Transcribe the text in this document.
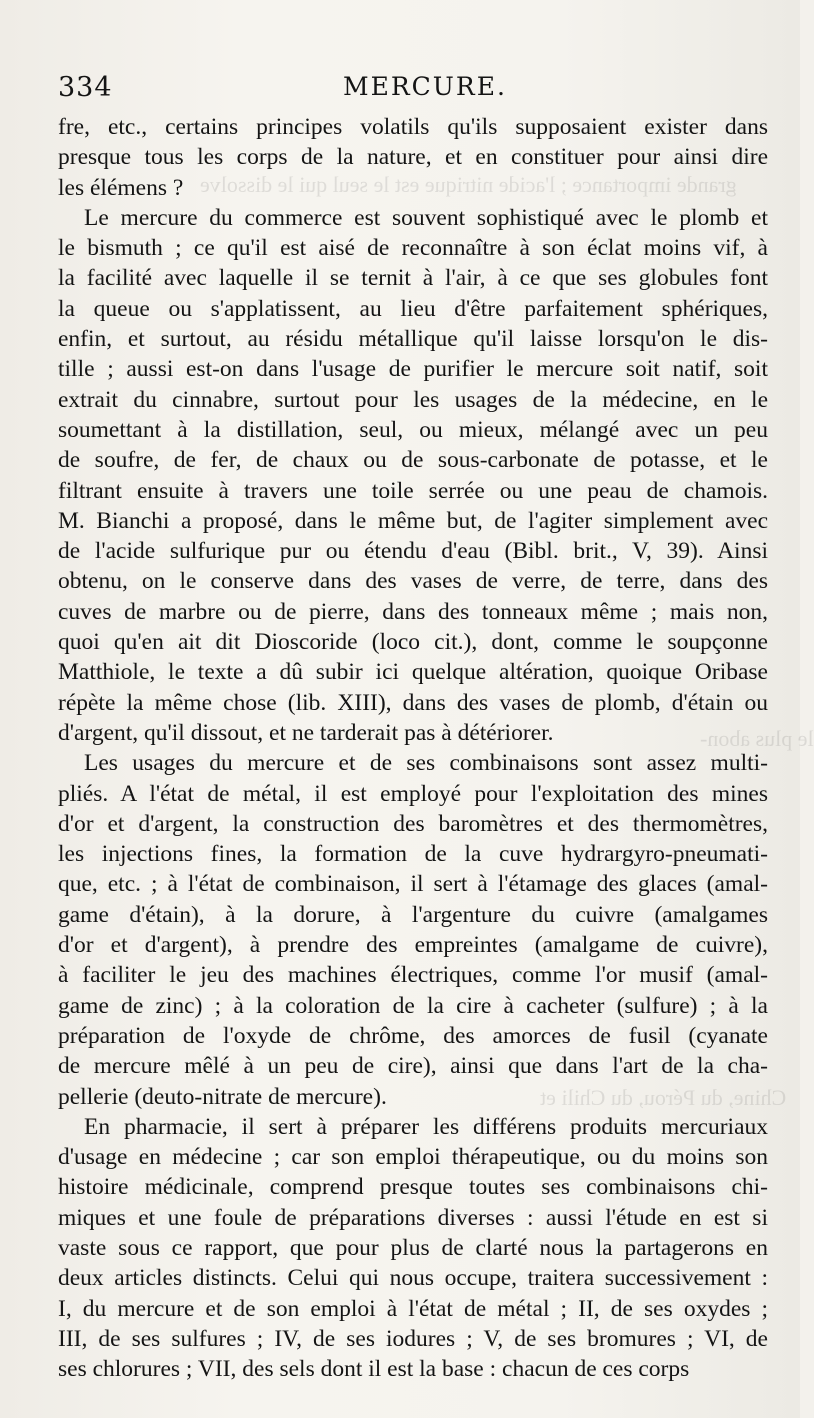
grande importance ; l'acide nitrique est le seul qui le dissolve
le plus abon-
Chine, du Pérou, du Chili et
334	MERCURE.
fre, etc., certains principes volatils qu'ils supposaient exister dans
presque tous les corps de la nature, et en constituer pour ainsi dire
les élémens ?
Le mercure du commerce est souvent sophistiqué avec le plomb et
le bismuth ; ce qu'il est aisé de reconnaître à son éclat moins vif, à
la facilité avec laquelle il se ternit à l'air, à ce que ses globules font
la queue ou s'applatissent, au lieu d'être parfaitement sphériques,
enfin, et surtout, au résidu métallique qu'il laisse lorsqu'on le dis-
tille ; aussi est-on dans l'usage de purifier le mercure soit natif, soit
extrait du cinnabre, surtout pour les usages de la médecine, en le
soumettant à la distillation, seul, ou mieux, mélangé avec un peu
de soufre, de fer, de chaux ou de sous-carbonate de potasse, et le
filtrant ensuite à travers une toile serrée ou une peau de chamois.
M. Bianchi a proposé, dans le même but, de l'agiter simplement avec
de l'acide sulfurique pur ou étendu d'eau (Bibl. brit., V, 39). Ainsi
obtenu, on le conserve dans des vases de verre, de terre, dans des
cuves de marbre ou de pierre, dans des tonneaux même ; mais non,
quoi qu'en ait dit Dioscoride (loco cit.), dont, comme le soupçonne
Matthiole, le texte a dû subir ici quelque altération, quoique Oribase
répète la même chose (lib. XIII), dans des vases de plomb, d'étain ou
d'argent, qu'il dissout, et ne tarderait pas à détériorer.
Les usages du mercure et de ses combinaisons sont assez multi-
pliés. A l'état de métal, il est employé pour l'exploitation des mines
d'or et d'argent, la construction des baromètres et des thermomètres,
les injections fines, la formation de la cuve hydrargyro-pneumati-
que, etc. ; à l'état de combinaison, il sert à l'étamage des glaces (amal-
game d'étain), à la dorure, à l'argenture du cuivre (amalgames
d'or et d'argent), à prendre des empreintes (amalgame de cuivre),
à faciliter le jeu des machines électriques, comme l'or musif (amal-
game de zinc) ; à la coloration de la cire à cacheter (sulfure) ; à la
préparation de l'oxyde de chrôme, des amorces de fusil (cyanate
de mercure mêlé à un peu de cire), ainsi que dans l'art de la cha-
pellerie (deuto-nitrate de mercure).
En pharmacie, il sert à préparer les différens produits mercuriaux
d'usage en médecine ; car son emploi thérapeutique, ou du moins son
histoire médicinale, comprend presque toutes ses combinaisons chi-
miques et une foule de préparations diverses : aussi l'étude en est si
vaste sous ce rapport, que pour plus de clarté nous la partagerons en
deux articles distincts. Celui qui nous occupe, traitera successivement :
I, du mercure et de son emploi à l'état de métal ; II, de ses oxydes ;
III, de ses sulfures ; IV, de ses iodures ; V, de ses bromures ; VI, de
ses chlorures ; VII, des sels dont il est la base : chacun de ces corps
